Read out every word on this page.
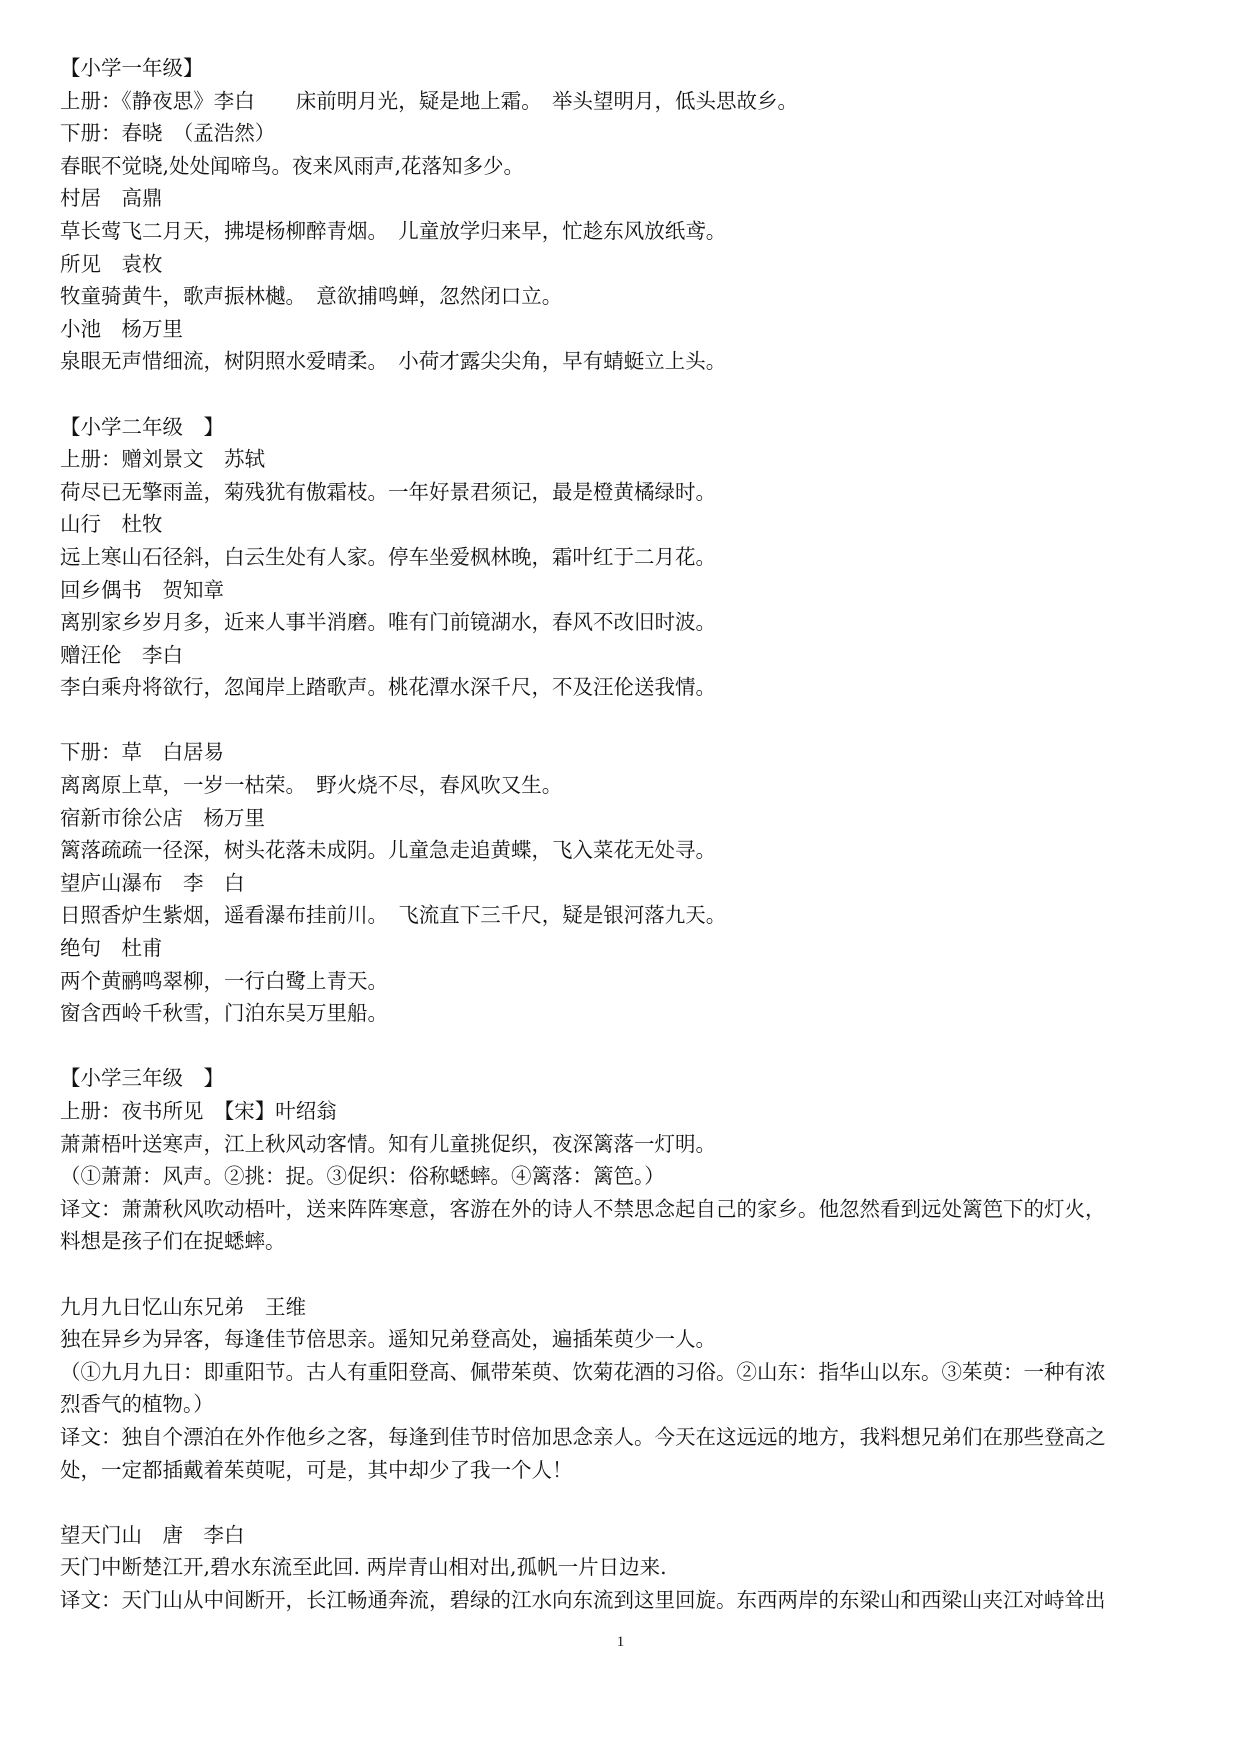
【小学一年级】

上册：《静夜思》李白　　床前明月光，疑是地上霜。　举头望明月，低头思故乡。

下册：春晓　（孟浩然）

春眠不觉晓,处处闻啼鸟。夜来风雨声,花落知多少。

村居　高鼎

草长莺飞二月天，拂堤杨柳醉青烟。　儿童放学归来早，忙趁东风放纸鸢。

所见　袁枚

牧童骑黄牛，歌声振林樾。　意欲捕鸣蝉，忽然闭口立。

小池　杨万里

泉眼无声惜细流，树阴照水爱晴柔。　小荷才露尖尖角，早有蜻蜓立上头。

【小学二年级　】

上册：赠刘景文　苏轼

荷尽已无擎雨盖，菊残犹有傲霜枝。一年好景君须记，最是橙黄橘绿时。

山行　杜牧

远上寒山石径斜，白云生处有人家。停车坐爱枫林晚，霜叶红于二月花。

回乡偶书　贺知章

离别家乡岁月多，近来人事半消磨。唯有门前镜湖水，春风不改旧时波。

赠汪伦　李白

李白乘舟将欲行，忽闻岸上踏歌声。桃花潭水深千尺，不及汪伦送我情。

下册：草　白居易

离离原上草，一岁一枯荣。　野火烧不尽，春风吹又生。

宿新市徐公店　杨万里

篱落疏疏一径深，树头花落未成阴。儿童急走追黄蝶，飞入菜花无处寻。

望庐山瀑布　李　白

日照香炉生紫烟，遥看瀑布挂前川。　飞流直下三千尺，疑是银河落九天。

绝句　杜甫

两个黄鹂鸣翠柳，一行白鹭上青天。

窗含西岭千秋雪，门泊东吴万里船。

【小学三年级　】

上册：夜书所见　【宋】叶绍翁

萧萧梧叶送寒声，江上秋风动客情。知有儿童挑促织，夜深篱落一灯明。

（①萧萧：风声。②挑：捉。③促织：俗称蟋蟀。④篱落：篱笆。）

译文：萧萧秋风吹动梧叶，送来阵阵寒意，客游在外的诗人不禁思念起自己的家乡。他忽然看到远处篱笆下的灯火，

料想是孩子们在捉蟋蟀。

九月九日忆山东兄弟　王维

独在异乡为异客，每逢佳节倍思亲。遥知兄弟登高处，遍插茱萸少一人。

（①九月九日：即重阳节。古人有重阳登高、佩带茱萸、饮菊花酒的习俗。②山东：指华山以东。③茱萸：一种有浓

烈香气的植物。）

译文：独自个漂泊在外作他乡之客，每逢到佳节时倍加思念亲人。今天在这远远的地方，我料想兄弟们在那些登高之

处，一定都插戴着茱萸呢，可是，其中却少了我一个人！

望天门山　唐　李白

天门中断楚江开,碧水东流至此回. 两岸青山相对出,孤帆一片日边来.

译文：天门山从中间断开，长江畅通奔流，碧绿的江水向东流到这里回旋。东西两岸的东梁山和西梁山夹江对峙耸出

1
